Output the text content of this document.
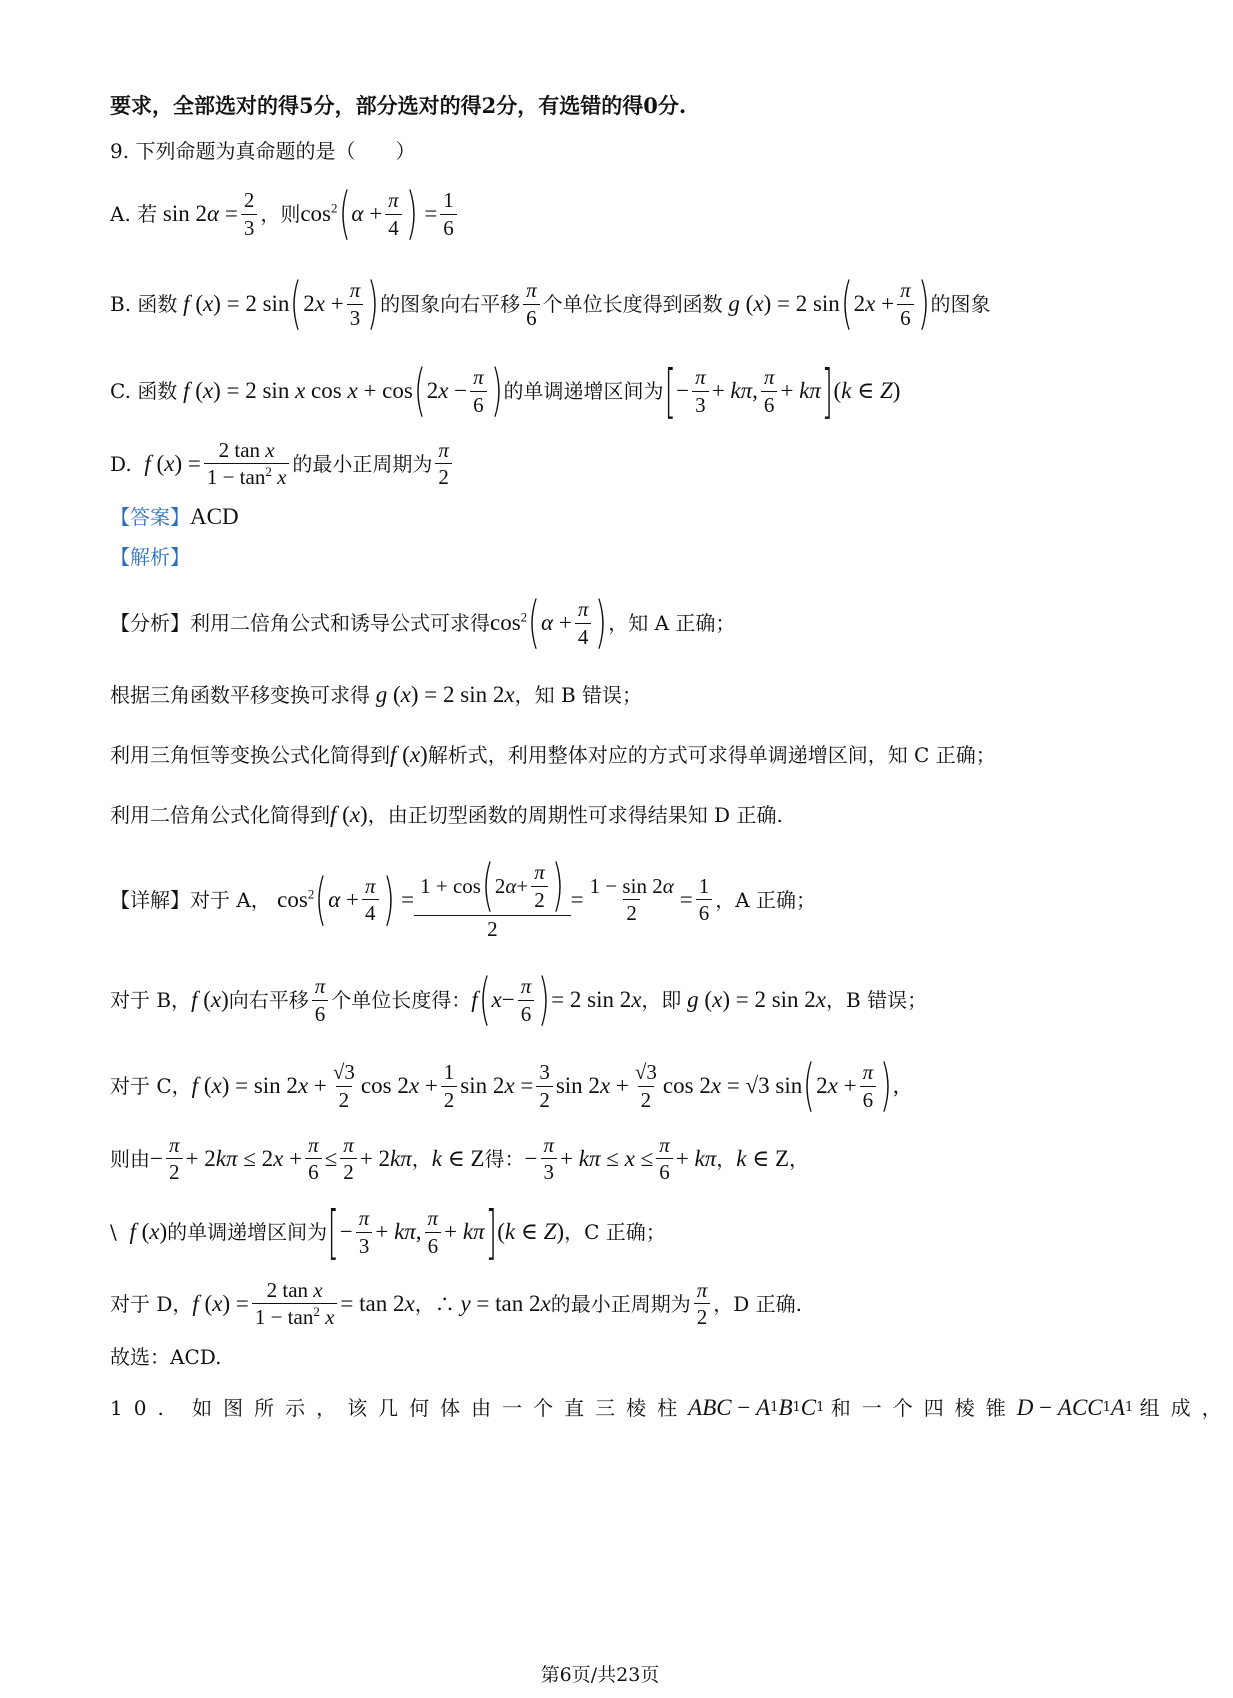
要求，全部选对的得5分，部分选对的得2分，有选错的得0分.
9. 下列命题为真命题的是（　　）
A.
若 $\sin 2\alpha = \frac{2}{3}$ ，则 $\cos^2$ ( $\alpha + \frac{\pi}{4}$ ) = $\frac{1}{6}$
B.
函数 f (x) = 2 sin ( $2x + \frac{\pi}{3}$ ) 的图象向右平移 $\frac{\pi}{6}$ 个单位长度得到函数 g (x) = 2 sin ( $2x + \frac{\pi}{6}$ ) 的图象
C.
函数 f (x) = 2 sin x cos x + cos ( $2x - \frac{\pi}{6}$ ) 的单调递增区间为 [ − $\frac{\pi}{3} + k\pi$, $\frac{\pi}{6} + k\pi$ ] (k ∈ Z)
D.
f $(x) = \frac{\text{2 tan x}}{1 - \tan^2 x}$ 的最小正周期为 $\frac{\pi}{2}$
【答案】 ACD
【解析】
【分析】 利用二倍角公式和诱导公式可求得 $\cos^2$ ( $\alpha + \frac{\pi}{4}$ ) ，知 A 正确；
根据三角函数平移变换可求得 g (x) = 2 sin 2x ，知 B 错误；
利用三角恒等变换公式化简得到 f (x) 解析式，利用整体对应的方式可求得单调递增区间，知 C 正确；
利用二倍角公式化简得到 f (x) ，由正切型函数的周期性可求得结果知 D 正确.
【详解】 对于 A，
$\cos^2$ ( $\alpha + \frac{\pi}{4}$ ) = $\frac{1 + \cos ( 2 \alpha + \frac{\pi}{2} )}{2} = \frac{1 - \sin 2\alpha}{2} = \frac{1}{6}$ ，A 正确；
对于 B， f (x) 向右平移 $\frac{\pi}{6}$ 个单位长度得： f ( $x - \frac{\pi}{6}$ ) = 2 sin 2x ，即 g (x) = 2 sin 2x ，B 错误；
对于 C， f $(x) = \sin 2x + \frac{√3}{2}$ $\cos 2x + \frac{1}{2}$ $\sin 2x = \frac{3}{2}$ $\sin 2x + \frac{√3}{2}$ cos 2x = √3 sin ( $2x + \frac{\pi}{6}$ ) ,
则由 − $\frac{\pi}{2} + 2k\pi \le 2x + \frac{\pi}{6} \le \frac{\pi}{2} + 2k\pi$ ， k ∈ Z 得： − $\frac{\pi}{3} + k\pi \le x \le \frac{\pi}{6} + k\pi$ ， k ∈ Z ，
\
f (x) 的单调递增区间为 [ − $\frac{\pi}{3} + k\pi$, $\frac{\pi}{6} + k\pi$ ] (k ∈ Z) ，C 正确；
对于 D， f $(x) = \frac{\text{2 tan x}}{1 - \tan^2 x} = \tan 2x$ ，∴ y = tan 2x 的最小正周期为 $\frac{\pi}{2}$ ，D 正确.
故选：ACD.
10. 如图所示，该几何体由一个直三棱柱 ABC − A 1 B 1 C 1
和一个四棱锥 D − ACC 1 A 1
组成，
第6页/共23页
